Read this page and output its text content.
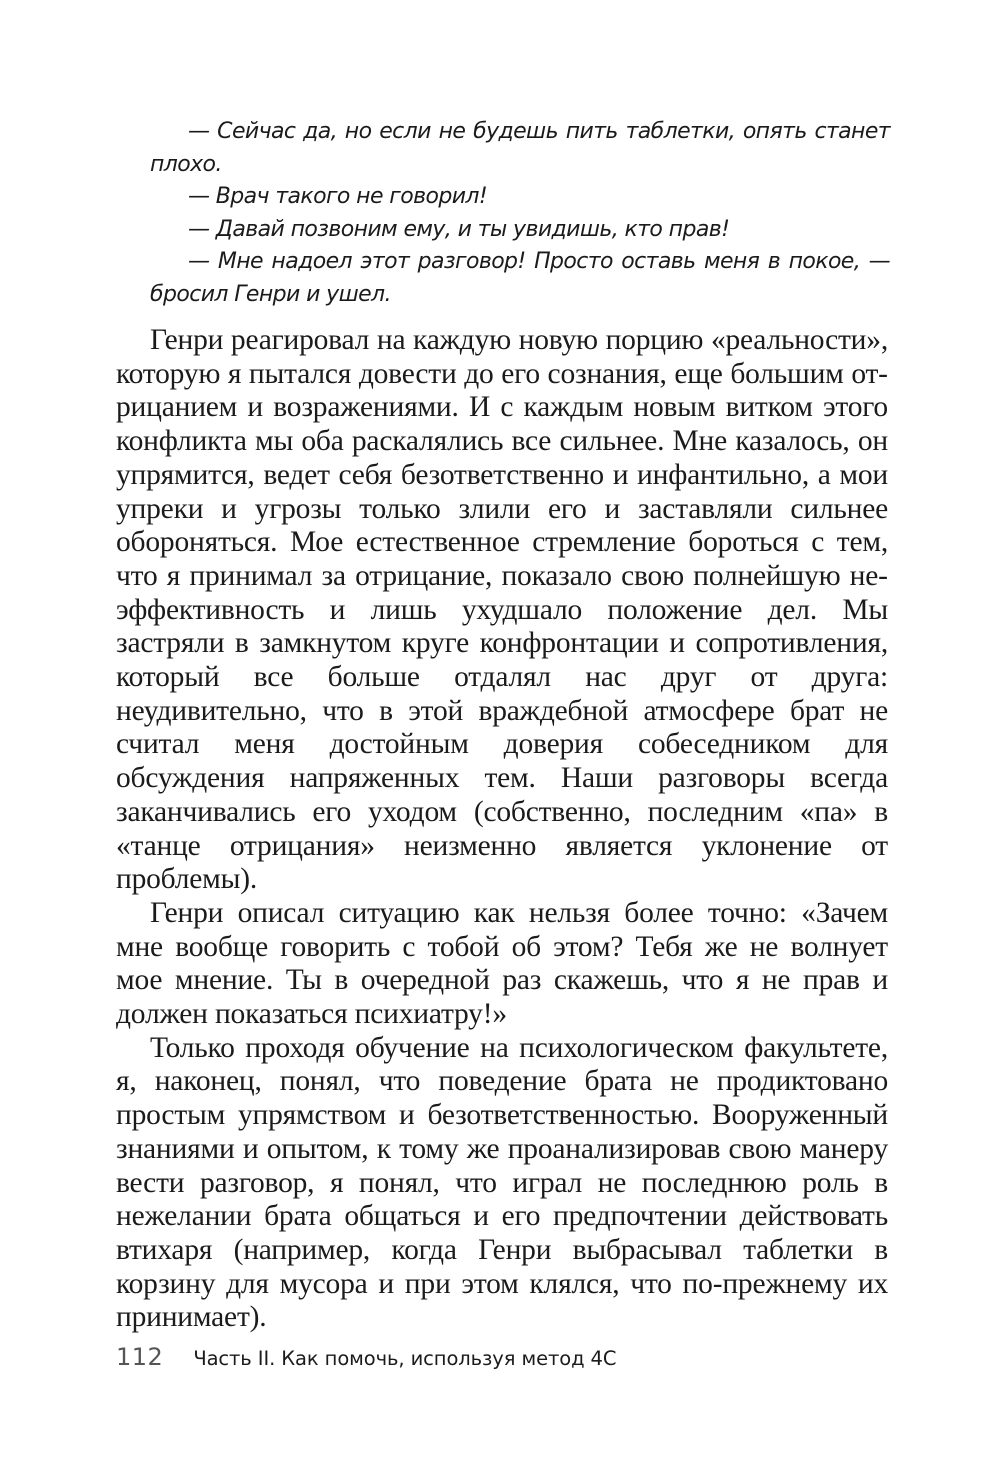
— Сейчас да, но если не будешь пить таблетки, опять станет плохо.

— Врач такого не говорил!

— Давай позвоним ему, и ты увидишь, кто прав!

— Мне надоел этот разговор! Просто оставь меня в покое, — бросил Генри и ушел.

Генри реагировал на каждую новую порцию «реальности», которую я пытался довести до его сознания, еще большим отрицанием и возражениями. И с каждым новым витком этого конфликта мы оба раскалялись все сильнее. Мне казалось, он упрямится, ведет себя безответственно и инфантильно, а мои упреки и угрозы только злили его и заставляли сильнее обороняться. Мое естественное стремление бороться с тем, что я принимал за отрицание, показало свою полнейшую неэффективность и лишь ухудшало положение дел. Мы застряли в замкнутом круге конфронтации и сопротивления, который все больше отдалял нас друг от друга: неудивительно, что в этой враждебной атмосфере брат не считал меня достойным доверия собеседником для обсуждения напряженных тем. Наши разговоры всегда заканчивались его уходом (собственно, последним «па» в «танце отрицания» неизменно является уклонение от проблемы).

Генри описал ситуацию как нельзя более точно: «Зачем мне вообще говорить с тобой об этом? Тебя же не волнует мое мнение. Ты в очередной раз скажешь, что я не прав и должен показаться психиатру!»

Только проходя обучение на психологическом факультете, я, наконец, понял, что поведение брата не продиктовано простым упрямством и безответственностью. Вооруженный знаниями и опытом, к тому же проанализировав свою манеру вести разговор, я понял, что играл не последнюю роль в нежелании брата общаться и его предпочтении действовать втихаря (например, когда Генри выбрасывал таблетки в корзину для мусора и при этом клялся, что по-прежнему их принимает).

112 Часть II. Как помочь, используя метод 4С
